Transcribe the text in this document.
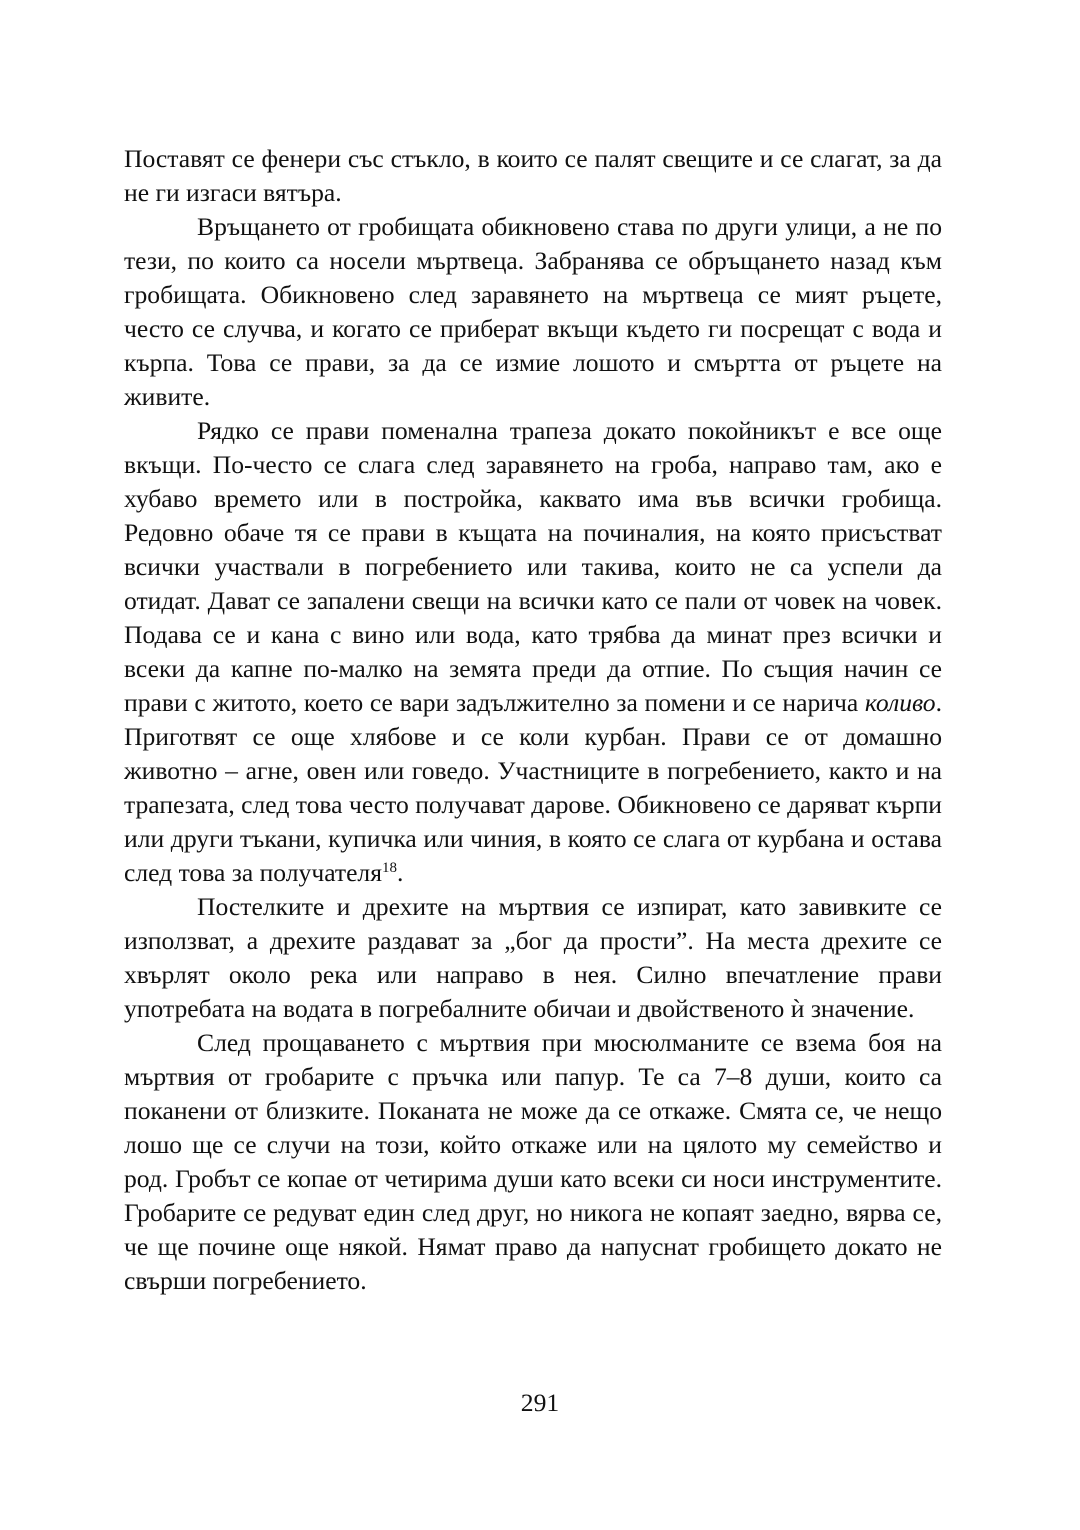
Поставят се фенери със стъкло, в които се палят свещите и се слагат, за да не ги изгаси вятъра.

Връщането от гробищата обикновено става по други улици, а не по тези, по които са носели мъртвеца. Забранява се обръщането назад към гробищата. Обикновено след заравянето на мъртвеца се мият ръцете, често се случва, и когато се приберат вкъщи където ги посрещат с вода и кърпа. Това се прави, за да се измие лошото и смъртта от ръцете на живите.

Рядко се прави поменална трапеза докато покойникът е все още вкъщи. По-често се слага след заравянето на гроба, направо там, ако е хубаво времето или в постройка, каквато има във всички гробища. Редовно обаче тя се прави в къщата на починалия, на която присъстват всички участвали в погребението или такива, които не са успели да отидат. Дават се запалени свещи на всички като се пали от човек на човек. Подава се и кана с вино или вода, като трябва да минат през всички и всеки да капне по-малко на земята преди да отпие. По същия начин се прави с житото, което се вари задължително за помени и се нарича коливо. Приготвят се още хлябове и се коли курбан. Прави се от домашно животно – агне, овен или говедо. Участниците в погребението, както и на трапезата, след това често получават дарове. Обикновено се даряват кърпи или други тъкани, купичка или чиния, в която се слага от курбана и остава след това за получателя$^{18}$.

Постелките и дрехите на мъртвия се изпират, като завивките се използват, а дрехите раздават за „бог да прости”. На места дрехите се хвърлят около река или направо в нея. Силно впечатление прави употребата на водата в погребалните обичаи и двойственото ѝ значение.

След прощаването с мъртвия при мюсюлманите се взема боя на мъртвия от гробарите с пръчка или папур. Те са 7–8 души, които са поканени от близките. Поканата не може да се откаже. Смята се, че нещо лошо ще се случи на този, който откаже или на цялото му семейство и род. Гробът се копае от четирима души като всеки си носи инструментите. Гробарите се редуват един след друг, но никога не копаят заедно, вярва се, че ще почине още някой. Нямат право да напуснат гробището докато не свърши погребението.

291
